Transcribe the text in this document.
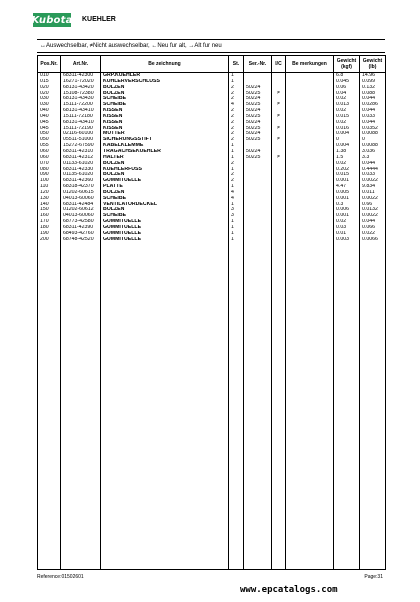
Kubota KUEHLER
↔Auswechselbar, ≠Nicht auswechselbar, ←Neu fur alt, →Alt fur neu
Pos.Nr.	Art.Nr.	Be zeichnung	St.	Ser.-Nr.	I/C	Be merkungen	Gewicht (kgf)	Gewicht (lb)
010	68311-42300	GRP.KUEHLER	1				6.8	14.96
015	16271-72020	KUHLERVERSCHLUSS	1				0.045	0.099
020	68131-43420	BOLZEN	2	50224			0.06	0.132
020	15108-72380	BOLZEN	2	50225	≠		0.04	0.088
030	68131-43430	SCHEIBE	2	50224			0.02	0.044
030	15111-72200	SCHEIBE	4	50225	≠		0.013	0.0286
040	68131-43410	KISSEN	2	50224			0.02	0.044
040	15111-72180	KISSEN	2	50225	≠		0.015	0.033
045	68131-43410	KISSEN	2	50224			0.02	0.044
045	15111-72190	KISSEN	2	50225	≠		0.016	0.0352
050	02116-60100	MUTTER	2	50224			0.004	0.0088
050	05511-51000	SICHERUNGSSTIFT	2	50225	≠		0	0
055	15272-67590	KABELKLEMME	1				0.004	0.0088
060	68311-42310	TRAGACHSEKUEHLER	1	50224			1.38	3.036
060	68311-42312	HALTER	1	50225	≠		1.5	3.3
070	01133-61020	BOLZEN	2				0.02	0.044
080	68311-42330	KUEHLERFUSS	1				0.202	0.4444
090	01135-61020	BOLZEN	2				0.015	0.033
100	68311-42360	GUMMITUELLE	2				0.001	0.0022
110	68318-42370	PLATTE	1				4.47	9.834
120	01202-60615	BOLZEN	4				0.005	0.011
130	04013-60060	SCHEIBE	4				0.001	0.0022
140	68311-42484	VENTILATORDECKEL	1				0.3	0.66
150	01202-60612	BOLZEN	3				0.006	0.0132
160	04013-60060	SCHEIBE	3				0.001	0.0022
170	68773-42580	GUMMITUELLE	1				0.02	0.044
180	68311-42390	GUMMITUELLE	1				0.03	0.066
190	68493-42760	GUMMITUELLE	1				0.01	0.022
200	68748-42520	GUMMITUELLE	1				0.003	0.0066

Reference:01502601	Page:31
www.epcatalogs.com
